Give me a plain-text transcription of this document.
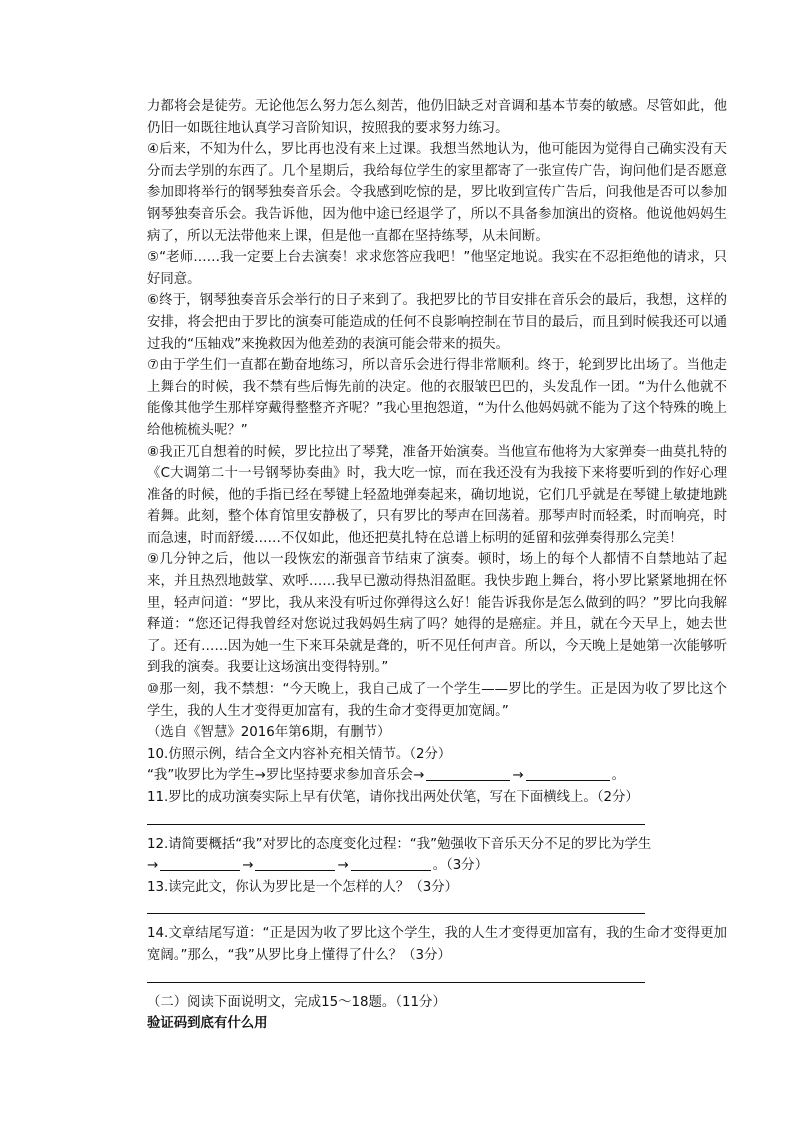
力都将会是徒劳。无论他怎么努力怎么刻苦，他仍旧缺乏对音调和基本节奏的敏感。尽管如此，他仍旧一如既往地认真学习音阶知识，按照我的要求努力练习。

④后来，不知为什么，罗比再也没有来上过课。我想当然地认为，他可能因为觉得自己确实没有天分而去学别的东西了。几个星期后，我给每位学生的家里都寄了一张宣传广告，询问他们是否愿意参加即将举行的钢琴独奏音乐会。令我感到吃惊的是，罗比收到宣传广告后，问我他是否可以参加钢琴独奏音乐会。我告诉他，因为他中途已经退学了，所以不具备参加演出的资格。他说他妈妈生病了，所以无法带他来上课，但是他一直都在坚持练琴，从未间断。

⑤“老师……我一定要上台去演奏！求求您答应我吧！”他坚定地说。我实在不忍拒绝他的请求，只好同意。

⑥终于，钢琴独奏音乐会举行的日子来到了。我把罗比的节目安排在音乐会的最后，我想，这样的安排，将会把由于罗比的演奏可能造成的任何不良影响控制在节目的最后，而且到时候我还可以通过我的“压轴戏”来挽救因为他差劲的表演可能会带来的损失。

⑦由于学生们一直都在勤奋地练习，所以音乐会进行得非常顺利。终于，轮到罗比出场了。当他走上舞台的时候，我不禁有些后悔先前的决定。他的衣服皱巴巴的，头发乱作一团。“为什么他就不能像其他学生那样穿戴得整整齐齐呢？”我心里抱怨道，“为什么他妈妈就不能为了这个特殊的晚上给他梳梳头呢？”

⑧我正兀自想着的时候，罗比拉出了琴凳，准备开始演奏。当他宣布他将为大家弹奏一曲莫扎特的《C大调第二十一号钢琴协奏曲》时，我大吃一惊，而在我还没有为我接下来将要听到的作好心理准备的时候，他的手指已经在琴键上轻盈地弹奏起来，确切地说，它们几乎就是在琴键上敏捷地跳着舞。此刻，整个体育馆里安静极了，只有罗比的琴声在回荡着。那琴声时而轻柔，时而响亮，时而急速，时而舒缓……不仅如此，他还把莫扎特在总谱上标明的延留和弦弹奏得那么完美！

⑨几分钟之后，他以一段恢宏的渐强音节结束了演奏。顿时，场上的每个人都情不自禁地站了起来，并且热烈地鼓掌、欢呼……我早已激动得热泪盈眶。我快步跑上舞台，将小罗比紧紧地拥在怀里，轻声问道：“罗比，我从来没有听过你弹得这么好！能告诉我你是怎么做到的吗？”罗比向我解释道：“您还记得我曾经对您说过我妈妈生病了吗？她得的是癌症。并且，就在今天早上，她去世了。还有……因为她一生下来耳朵就是聋的，听不见任何声音。所以，今天晚上是她第一次能够听到我的演奏。我要让这场演出变得特别。”

⑩那一刻，我不禁想：“今天晚上，我自己成了一个学生——罗比的学生。正是因为收了罗比这个学生，我的人生才变得更加富有，我的生命才变得更加宽阔。”

（选自《智慧》2016年第6期，有删节）

10.仿照示例，结合全文内容补充相关情节。（2分）

“我”收罗比为学生→罗比坚持要求参加音乐会→	→	。

11.罗比的成功演奏实际上早有伏笔，请你找出两处伏笔，写在下面横线上。（2分）

12.请简要概括“我”对罗比的态度变化过程：“我”勉强收下音乐天分不足的罗比为学生

→	→	→	。（3分）

13.读完此文，你认为罗比是一个怎样的人？（3分）

14.文章结尾写道：“正是因为收了罗比这个学生，我的人生才变得更加富有，我的生命才变得更加宽阔。”那么，“我”从罗比身上懂得了什么？（3分）

（二）阅读下面说明文，完成15～18题。（11分）

验证码到底有什么用
